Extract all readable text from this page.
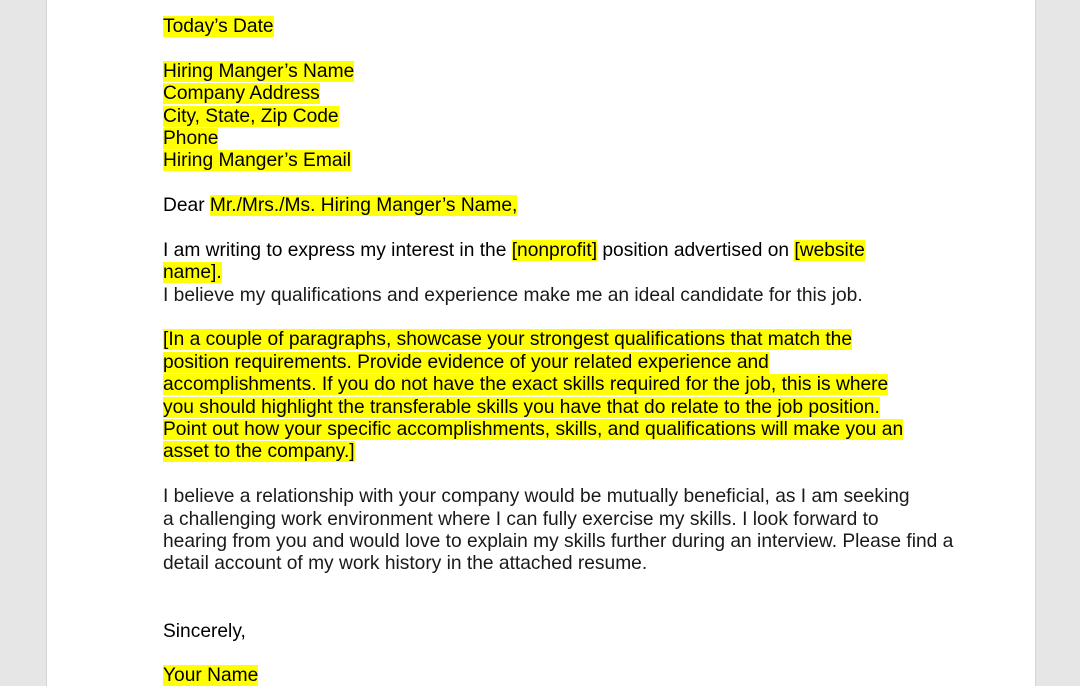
Today’s Date
Hiring Manger’s Name
Company Address
City, State, Zip Code
Phone
Hiring Manger’s Email
Dear Mr./Mrs./Ms. Hiring Manger’s Name,
I am writing to express my interest in the [nonprofit] position advertised on [website
name].
I believe my qualifications and experience make me an ideal candidate for this job.
[In a couple of paragraphs, showcase your strongest qualifications that match the
position requirements. Provide evidence of your related experience and
accomplishments. If you do not have the exact skills required for the job, this is where
you should highlight the transferable skills you have that do relate to the job position.
Point out how your specific accomplishments, skills, and qualifications will make you an
asset to the company.]
I believe a relationship with your company would be mutually beneficial, as I am seeking
a challenging work environment where I can fully exercise my skills. I look forward to
hearing from you and would love to explain my skills further during an interview. Please find a
detail account of my work history in the attached resume.
Sincerely,
Your Name
